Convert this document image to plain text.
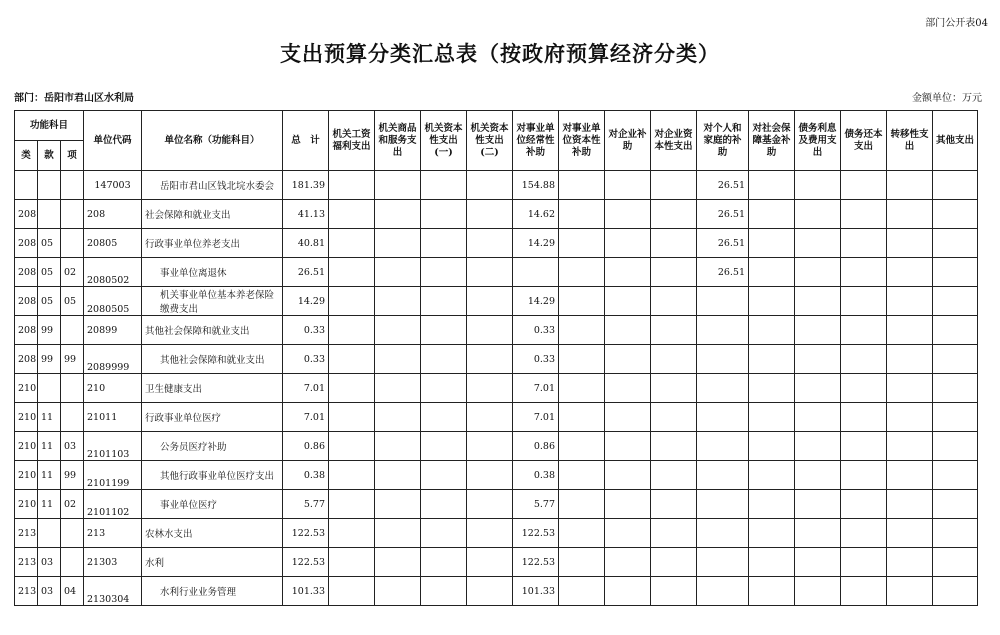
部门公开表04
支出预算分类汇总表（按政府预算经济分类）
部门：岳阳市君山区水利局	金额单位：万元
功能科目			单位代码	单位名称（功能科目）	总　计	机关工资福利支出	机关商品和服务支出	机关资本性支出(一)	机关资本性支出(二)	对事业单位经常性补助	对事业单位资本性补助	对企业补助	对企业资本性支出	对个人和家庭的补助	对社会保障基金补助	债务利息及费用支出	债务还本支出	转移性支出	其他支出
类	款	项																	
			147003	岳阳市君山区钱北垸水委会	181.39					154.88				26.51					
208			208	社会保障和就业支出	41.13					14.62				26.51					
208	05		20805	行政事业单位养老支出	40.81					14.29				26.51					
208	05	02	2080502	事业单位离退休	26.51									26.51					
208	05	05	2080505	机关事业单位基本养老保险缴费支出	14.29					14.29									
208	99		20899	其他社会保障和就业支出	0.33					0.33									
208	99	99	2089999	其他社会保障和就业支出	0.33					0.33									
210			210	卫生健康支出	7.01					7.01									
210	11		21011	行政事业单位医疗	7.01					7.01									
210	11	03	2101103	公务员医疗补助	0.86					0.86									
210	11	99	2101199	其他行政事业单位医疗支出	0.38					0.38									
210	11	02	2101102	事业单位医疗	5.77					5.77									
213			213	农林水支出	122.53					122.53									
213	03		21303	水利	122.53					122.53									
213	03	04	2130304	水利行业业务管理	101.33					101.33									
